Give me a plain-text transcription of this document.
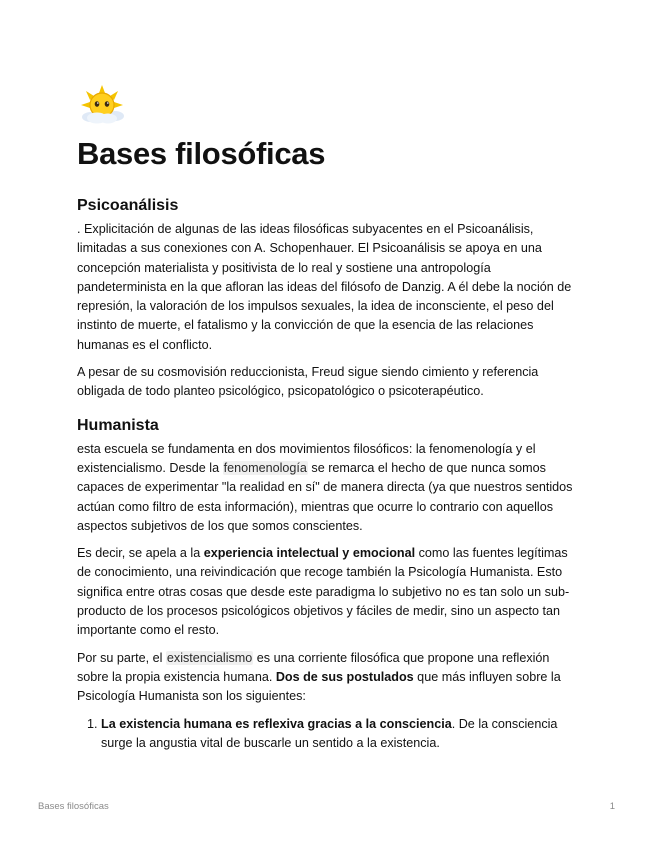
Bases filosóficas
Psicoanálisis

. Explicitación de algunas de las ideas filosóficas subyacentes en el Psicoanálisis, limitadas a sus conexiones con A. Schopenhauer. El Psicoanálisis se apoya en una concepción materialista y positivista de lo real y sostiene una antropología pandeterminista en la que afloran las ideas del filósofo de Danzig. A él debe la noción de represión, la valoración de los impulsos sexuales, la idea de inconsciente, el peso del instinto de muerte, el fatalismo y la convicción de que la esencia de las relaciones humanas es el conflicto.

A pesar de su cosmovisión reduccionista, Freud sigue siendo cimiento y referencia obligada de todo planteo psicológico, psicopatológico o psicoterapéutico.

Humanista

esta escuela se fundamenta en dos movimientos filosóficos: la fenomenología y el existencialismo. Desde la fenomenología se remarca el hecho de que nunca somos capaces de experimentar "la realidad en sí" de manera directa (ya que nuestros sentidos actúan como filtro de esta información), mientras que ocurre lo contrario con aquellos aspectos subjetivos de los que somos conscientes.

Es decir, se apela a la experiencia intelectual y emocional como las fuentes legítimas de conocimiento, una reivindicación que recoge también la Psicología Humanista. Esto significa entre otras cosas que desde este paradigma lo subjetivo no es tan solo un sub-producto de los procesos psicológicos objetivos y fáciles de medir, sino un aspecto tan importante como el resto.

Por su parte, el existencialismo es una corriente filosófica que propone una reflexión sobre la propia existencia humana. Dos de sus postulados que más influyen sobre la Psicología Humanista son los siguientes:

1. La existencia humana es reflexiva gracias a la consciencia. De la consciencia surge la angustia vital de buscarle un sentido a la existencia.
Bases filosóficas	1
